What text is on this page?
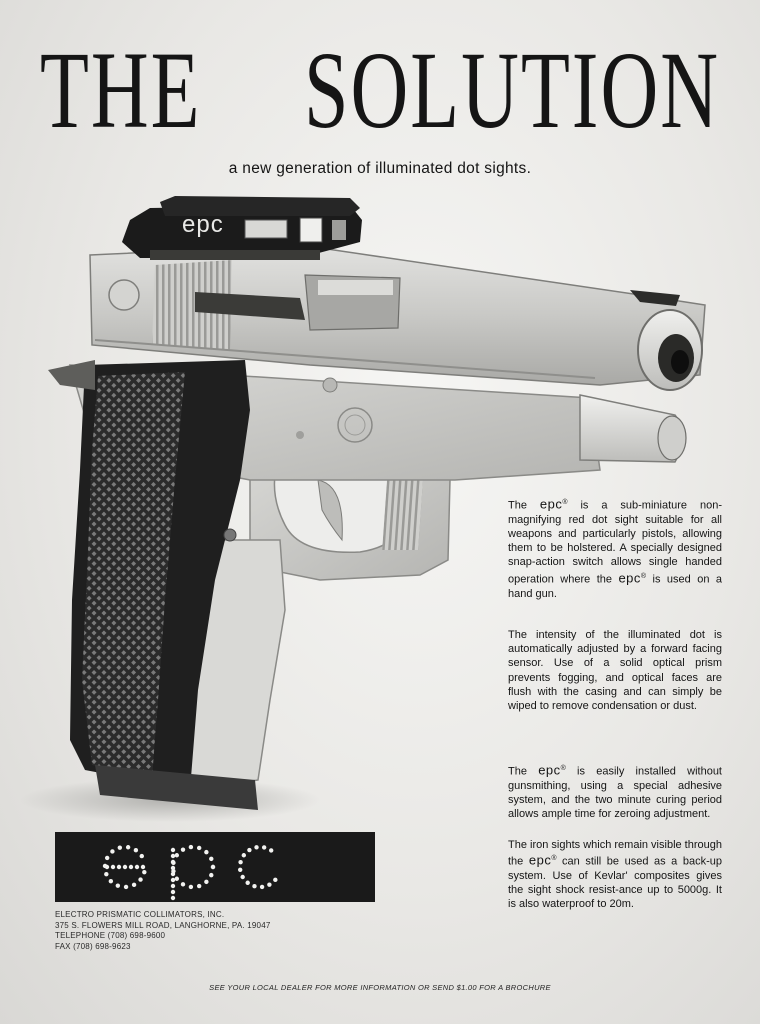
THE SOLUTION
a new generation of illuminated dot sights.
epc

The epc® is a sub-miniature non-magnifying red dot sight suitable for all weapons and particularly pistols, allowing them to be holstered. A specially designed snap-action switch allows single handed operation where the epc® is used on a hand gun.

The intensity of the illuminated dot is automatically adjusted by a forward facing sensor. Use of a solid optical prism prevents fogging, and optical faces are flush with the casing and can simply be wiped to remove condensation or dust.

The epc® is easily installed without gunsmithing, using a special adhesive system, and the two minute curing period allows ample time for zeroing adjustment.

The iron sights which remain visible through the epc® can still be used as a back-up system. Use of Kevlar' composites gives the sight shock resist-ance up to 5000g. It is also waterproof to 20m.

ELECTRO PRISMATIC COLLIMATORS, INC.
375 S. FLOWERS MILL ROAD, LANGHORNE, PA. 19047
TELEPHONE (708) 698-9600
FAX (708) 698-9623
SEE YOUR LOCAL DEALER FOR MORE INFORMATION OR SEND $1.00 FOR A BROCHURE
